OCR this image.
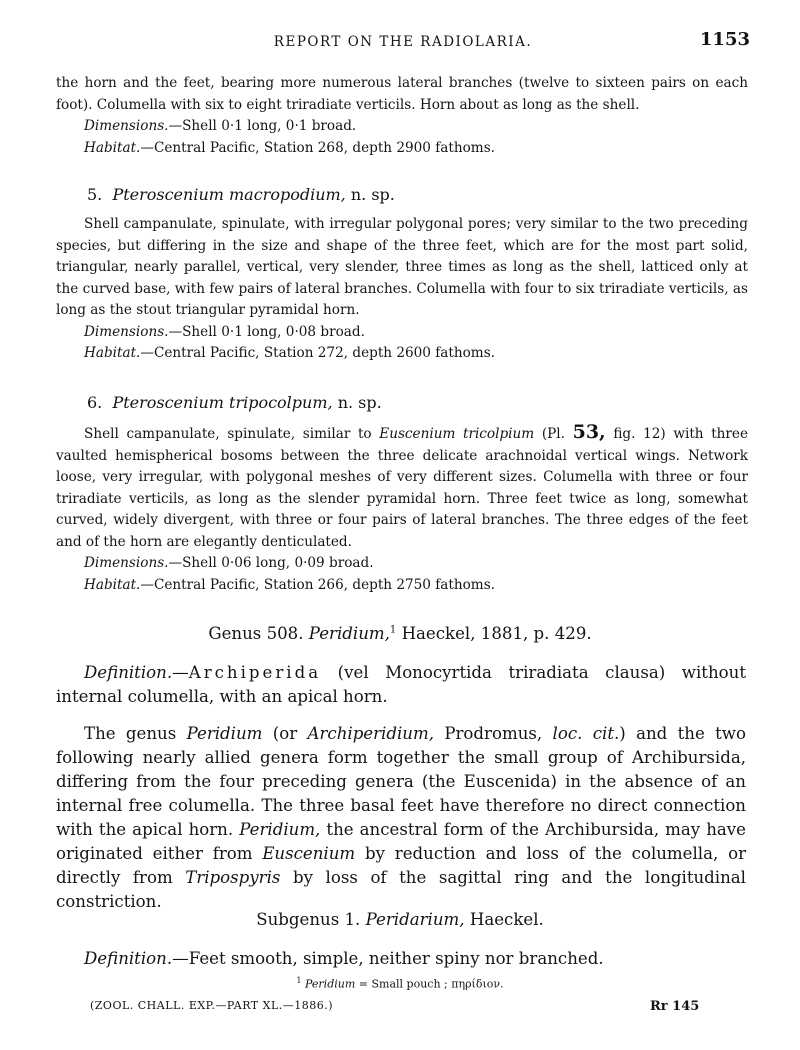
REPORT ON THE RADIOLARIA.	1153

the horn and the feet, bearing more numerous lateral branches (twelve to sixteen pairs on each foot). Columella with six to eight triradiate verticils. Horn about as long as the shell.

Dimensions.—Shell 0·1 long, 0·1 broad.

Habitat.—Central Pacific, Station 268, depth 2900 fathoms.

5. Pteroscenium macropodium, n. sp.

Shell campanulate, spinulate, with irregular polygonal pores; very similar to the two preceding species, but differing in the size and shape of the three feet, which are for the most part solid, triangular, nearly parallel, vertical, very slender, three times as long as the shell, latticed only at the curved base, with few pairs of lateral branches. Columella with four to six triradiate verticils, as long as the stout triangular pyramidal horn.

Dimensions.—Shell 0·1 long, 0·08 broad.

Habitat.—Central Pacific, Station 272, depth 2600 fathoms.

6. Pteroscenium tripocolpum, n. sp.

Shell campanulate, spinulate, similar to Euscenium tricolpium (Pl. 53, fig. 12) with three vaulted hemispherical bosoms between the three delicate arachnoidal vertical wings. Network loose, very irregular, with polygonal meshes of very different sizes. Columella with three or four triradiate verticils, as long as the slender pyramidal horn. Three feet twice as long, somewhat curved, widely divergent, with three or four pairs of lateral branches. The three edges of the feet and of the horn are elegantly denticulated.

Dimensions.—Shell 0·06 long, 0·09 broad.

Habitat.—Central Pacific, Station 266, depth 2750 fathoms.

Genus 508. Peridium,$^1$ Haeckel, 1881, p. 429.

Definition.—Archiperida (vel Monocyrtida triradiata clausa) without internal columella, with an apical horn.

The genus Peridium (or Archiperidium, Prodromus, loc. cit.) and the two following nearly allied genera form together the small group of Archibursida, differing from the four preceding genera (the Euscenida) in the absence of an internal free columella. The three basal feet have therefore no direct connection with the apical horn. Peridium, the ancestral form of the Archibursida, may have originated either from Euscenium by reduction and loss of the columella, or directly from Tripospyris by loss of the sagittal ring and the longitudinal constriction.

Subgenus 1. Peridarium, Haeckel.

Definition.—Feet smooth, simple, neither spiny nor branched.

$^1$ Peridium = Small pouch ; πηρίδιον.
(ZOOL. CHALL. EXP.—PART XL.—1886.)	Rr 145
